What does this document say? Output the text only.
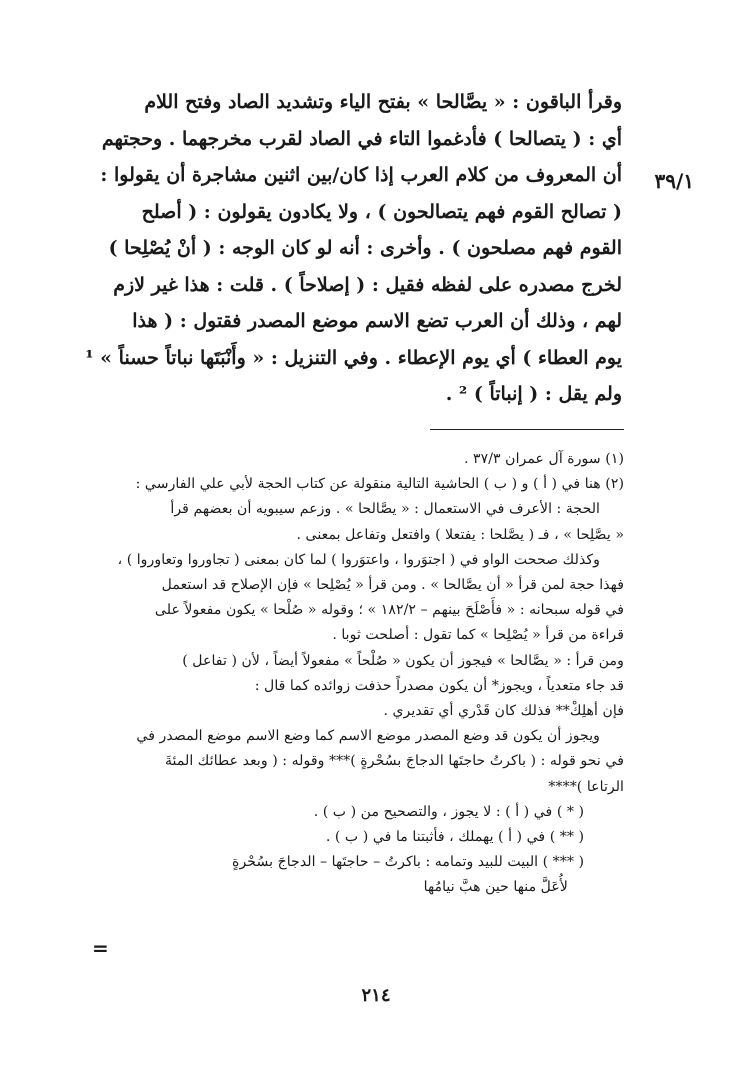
٣٩/١
وقرأ الباقون : « يصَّالحا » بفتح الياء وتشديد الصاد وفتح اللام
أي : ( يتصالحا ) فأدغموا التاء في الصاد لقرب مخرجهما . وحجتهم
أن المعروف من كلام العرب إذا كان/بين اثنين مشاجرة أن يقولوا :
( تصالح القوم فهم يتصالحون ) ، ولا يكادون يقولون : ( أصلح
القوم فهم مصلحون ) . وأخرى : أنه لو كان الوجه : ( أنْ يُصْلِحا )
لخرج مصدره على لفظه فقيل : ( إصلاحاً ) . قلت : هذا غير لازم
لهم ، وذلك أن العرب تضع الاسم موضع المصدر فقتول : ( هذا
يوم العطاء ) أي يوم الإعطاء . وفي التنزيل : « وأَنْبَتَها نباتاً حسناً » ¹
ولم يقل : ( إنباتاً ) ² .
(١) سورة آل عمران ٣٧/٣ .
(٢) هنا في ( أ ) و ( ب ) الحاشية التالية منقولة عن كتاب الحجة لأبي علي الفارسي :
الحجة : الأعرف في الاستعمال : « يصَّالحا » . وزعم سيبويه أن بعضهم قرأ
« يصَّلِحا » ، فـ ( يصَّلحا : يفتعلا ) وافتعل وتفاعل بمعنى .
وكذلك صححت الواو في ( اجتوَروا ، واعتوَروا ) لما كان بمعنى ( تجاوروا وتعاوروا ) ،
فهذا حجة لمن قرأ « أن يصَّالحا » . ومن قرأ « يُصْلِحا » فإن الإصلاح قد استعمل
في قوله سبحانه : « فأَصْلَحَ بينهم – ١٨٢/٢ » ؛ وقوله « صُلْحا » يكون مفعولاً على
قراءة من قرأ « يُصْلِحا » كما تقول : أصلحت ثوبا .
ومن قرأ : « يصَّالحا » فيجوز أن يكون « صُلْحاً » مفعولاً أيضاً ، لأن ( تفاعل )
قد جاء متعدياً ، ويجوز* أن يكون مصدراً حذفت زوائده كما قال :
فإن أهلِكْ** فذلك كان قَدْري أي تقديري .
ويجوز أن يكون قد وضع المصدر موضع الاسم كما وضع الاسم موضع المصدر في
في نحو قوله : ( باكرتُ حاجتَها الدجاجَ بسُحْرةٍ )*** وقوله : ( وبعد عطائك المئةَ
الرتاعا )****
( * ) في ( أ ) : لا يجوز ، والتصحيح من ( ب ) .
( ** ) في ( أ ) يهملك ، فأثبتنا ما في ( ب ) .
( *** ) البيت للبيد وتمامه : باكرتُ – حاجتَها – الدجاجَ بسُحْرةٍ
لأُعَلَّ منها حين هبَّ نيامُها
=
٢١٤
